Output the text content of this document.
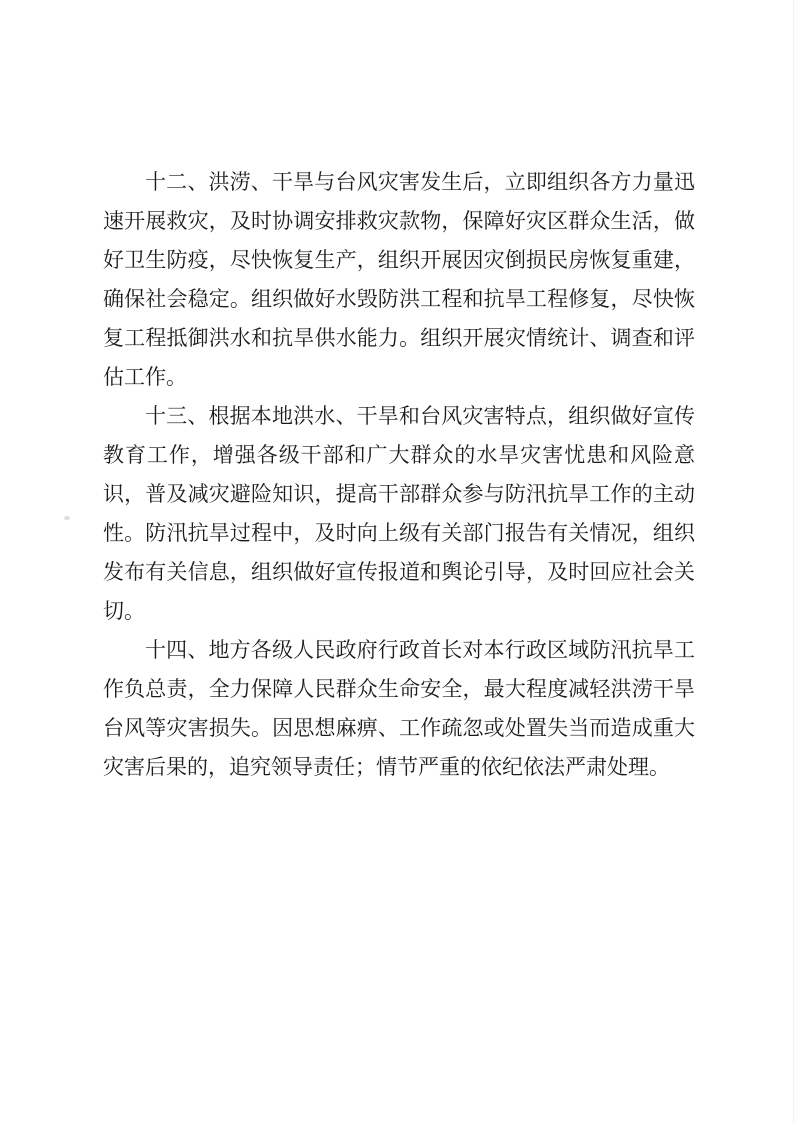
十二、洪涝、干旱与台风灾害发生后，立即组织各方力量迅速开展救灾，及时协调安排救灾款物，保障好灾区群众生活，做好卫生防疫，尽快恢复生产，组织开展因灾倒损民房恢复重建，确保社会稳定。组织做好水毁防洪工程和抗旱工程修复，尽快恢复工程抵御洪水和抗旱供水能力。组织开展灾情统计、调查和评估工作。

十三、根据本地洪水、干旱和台风灾害特点，组织做好宣传教育工作，增强各级干部和广大群众的水旱灾害忧患和风险意识，普及减灾避险知识，提高干部群众参与防汛抗旱工作的主动性。防汛抗旱过程中，及时向上级有关部门报告有关情况，组织发布有关信息，组织做好宣传报道和舆论引导，及时回应社会关切。

十四、地方各级人民政府行政首长对本行政区域防汛抗旱工作负总责，全力保障人民群众生命安全，最大程度减轻洪涝干旱台风等灾害损失。因思想麻痹、工作疏忽或处置失当而造成重大灾害后果的，追究领导责任；情节严重的依纪依法严肃处理。
